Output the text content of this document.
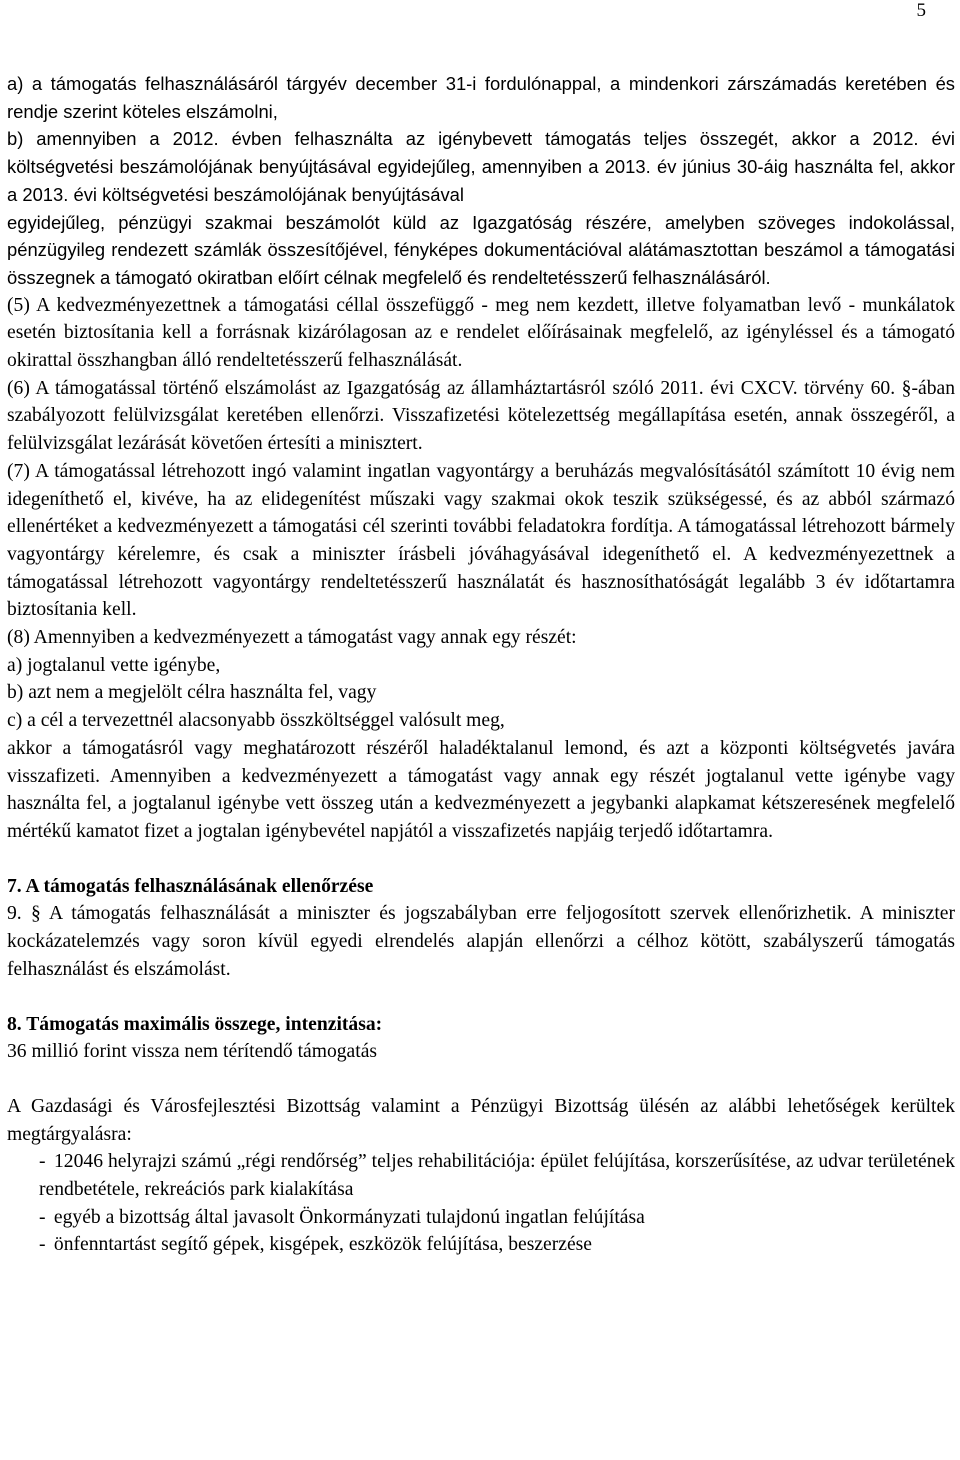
5

a) a támogatás felhasználásáról tárgyév december 31-i fordulónappal, a mindenkori zárszámadás keretében és rendje szerint köteles elszámolni,

b) amennyiben a 2012. évben felhasználta az igénybevett támogatás teljes összegét, akkor a 2012. évi költségvetési beszámolójának benyújtásával egyidejűleg, amennyiben a 2013. év június 30-áig használta fel, akkor a 2013. évi költségvetési beszámolójának benyújtásával

egyidejűleg, pénzügyi szakmai beszámolót küld az Igazgatóság részére, amelyben szöveges indokolással, pénzügyileg rendezett számlák összesítőjével, fényképes dokumentációval alátámasztottan beszámol a támogatási összegnek a támogató okiratban előírt célnak megfelelő és rendeltetésszerű felhasználásáról.

(5) A kedvezményezettnek a támogatási céllal összefüggő - meg nem kezdett, illetve folyamatban levő - munkálatok esetén biztosítania kell a forrásnak kizárólagosan az e rendelet előírásainak megfelelő, az igényléssel és a támogató okirattal összhangban álló rendeltetésszerű felhasználását.

(6) A támogatással történő elszámolást az Igazgatóság az államháztartásról szóló 2011. évi CXCV. törvény 60. §-ában szabályozott felülvizsgálat keretében ellenőrzi. Visszafizetési kötelezettség megállapítása esetén, annak összegéről, a felülvizsgálat lezárását követően értesíti a minisztert.

(7) A támogatással létrehozott ingó valamint ingatlan vagyontárgy a beruházás megvalósításától számított 10 évig nem idegeníthető el, kivéve, ha az elidegenítést műszaki vagy szakmai okok teszik szükségessé, és az abból származó ellenértéket a kedvezményezett a támogatási cél szerinti további feladatokra fordítja. A támogatással létrehozott bármely vagyontárgy kérelemre, és csak a miniszter írásbeli jóváhagyásával idegeníthető el. A kedvezményezettnek a támogatással létrehozott vagyontárgy rendeltetésszerű használatát és hasznosíthatóságát legalább 3 év időtartamra biztosítania kell.

(8) Amennyiben a kedvezményezett a támogatást vagy annak egy részét:

a) jogtalanul vette igénybe,

b) azt nem a megjelölt célra használta fel, vagy

c) a cél a tervezettnél alacsonyabb összköltséggel valósult meg,

akkor a támogatásról vagy meghatározott részéről haladéktalanul lemond, és azt a központi költségvetés javára visszafizeti. Amennyiben a kedvezményezett a támogatást vagy annak egy részét jogtalanul vette igénybe vagy használta fel, a jogtalanul igénybe vett összeg után a kedvezményezett a jegybanki alapkamat kétszeresének megfelelő mértékű kamatot fizet a jogtalan igénybevétel napjától a visszafizetés napjáig terjedő időtartamra.

7. A támogatás felhasználásának ellenőrzése

9. § A támogatás felhasználását a miniszter és jogszabályban erre feljogosított szervek ellenőrizhetik. A miniszter kockázatelemzés vagy soron kívül egyedi elrendelés alapján ellenőrzi a célhoz kötött, szabályszerű támogatás felhasználást és elszámolást.

8. Támogatás maximális összege, intenzitása:

36 millió forint vissza nem térítendő támogatás

A Gazdasági és Városfejlesztési Bizottság valamint a Pénzügyi Bizottság ülésén az alábbi lehetőségek kerültek megtárgyalásra:

- 12046 helyrajzi számú „régi rendőrség” teljes rehabilitációja: épület felújítása, korszerűsítése, az udvar területének rendbetétele, rekreációs park kialakítása

- egyéb a bizottság által javasolt Önkormányzati tulajdonú ingatlan felújítása

- önfenntartást segítő gépek, kisgépek, eszközök felújítása, beszerzése
